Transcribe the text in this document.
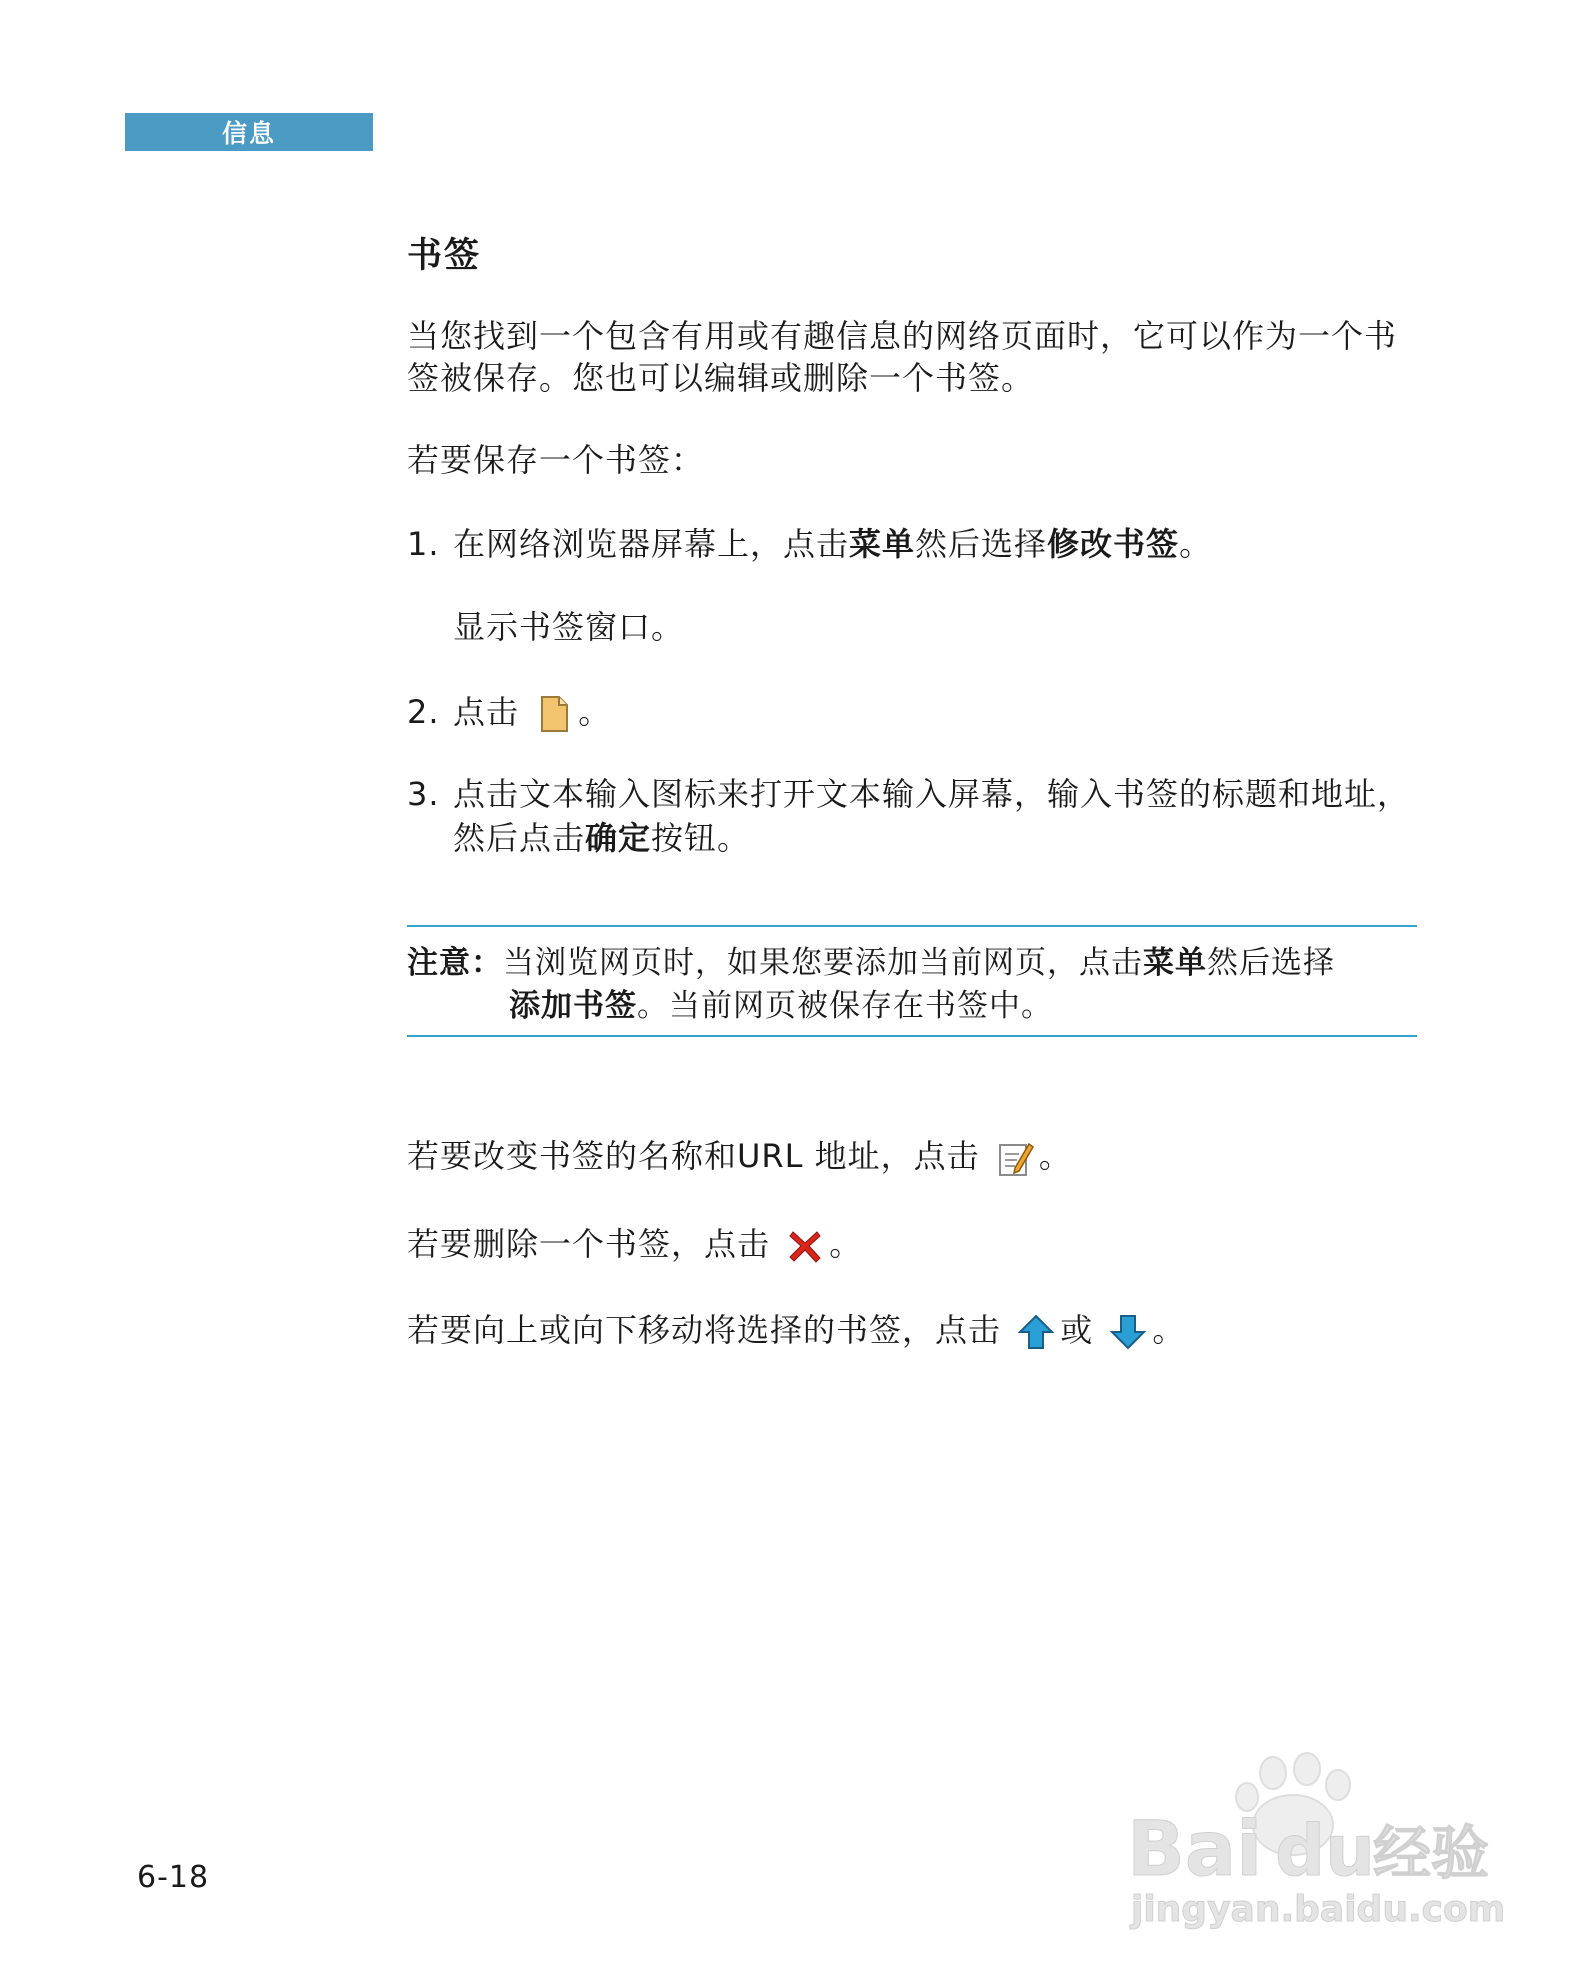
信息
书签
当您找到一个包含有用或有趣信息的网络页面时，它可以作为一个书
签被保存。您也可以编辑或删除一个书签。
若要保存一个书签：
1. 在网络浏览器屏幕上，点击菜单然后选择修改书签。
显示书签窗口。
2. 点击 。
3. 点击文本输入图标来打开文本输入屏幕，输入书签的标题和地址，
然后点击确定按钮。
注意：当浏览网页时，如果您要添加当前网页，点击菜单然后选择
添加书签。当前网页被保存在书签中。
若要改变书签的名称和URL 地址，点击 。
若要删除一个书签，点击 。
若要向上或向下移动将选择的书签，点击 或 。
6-18	Bai du
经验
jingyan.baidu.com
